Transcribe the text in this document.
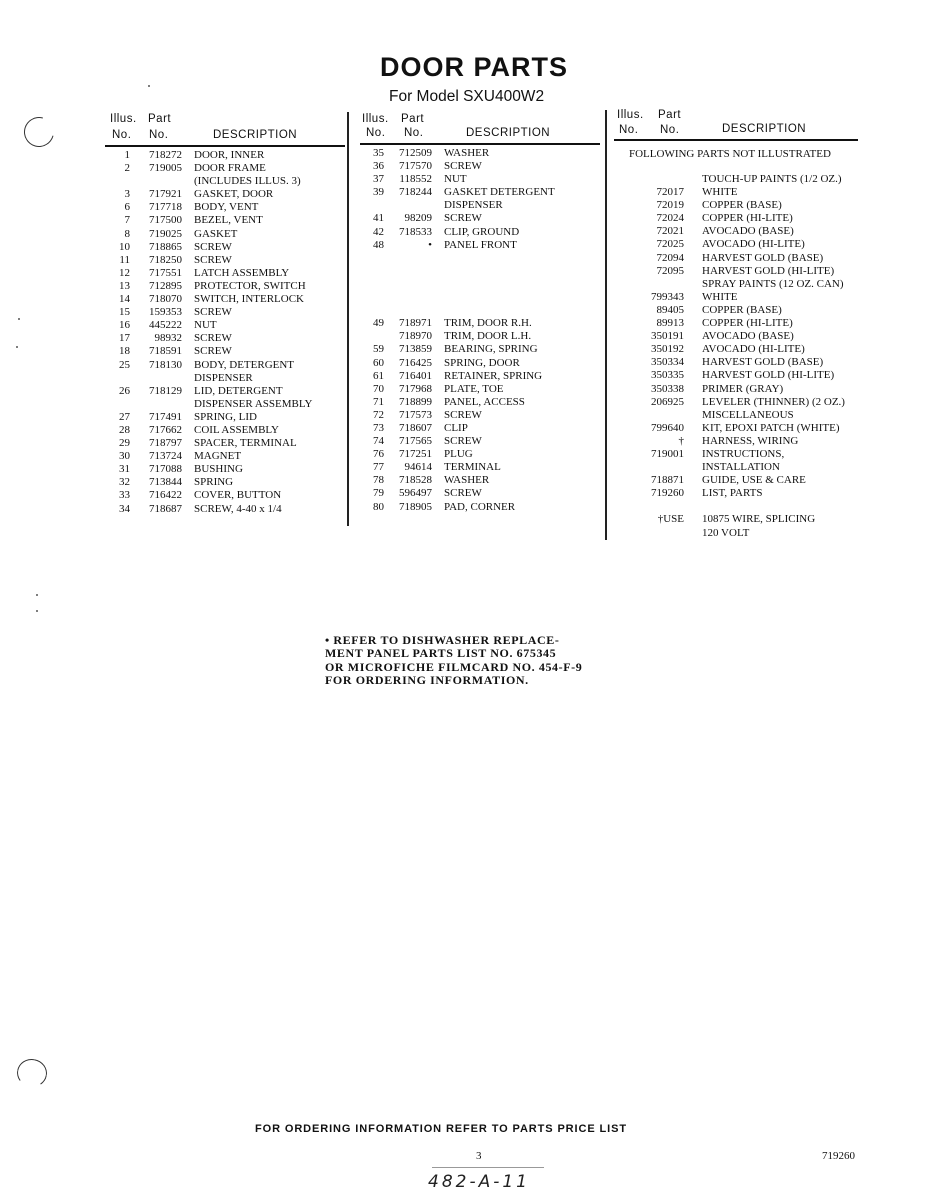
DOOR PARTS
For Model SXU400W2
Illus. Part
No. No.	DESCRIPTION
1	718272 DOOR, INNER
2	719005 DOOR FRAME
(INCLUDES ILLUS. 3)
3	717921 GASKET, DOOR
6	717718 BODY, VENT
7	717500 BEZEL, VENT
8	719025 GASKET
10	718865 SCREW
11	718250 SCREW
12	717551 LATCH ASSEMBLY
13	712895 PROTECTOR, SWITCH
14	718070 SWITCH, INTERLOCK
15	159353 SCREW
16	445222 NUT
17	98932 SCREW
18	718591 SCREW
25	718130 BODY, DETERGENT
DISPENSER
26	718129 LID, DETERGENT
DISPENSER ASSEMBLY
27	717491 SPRING, LID
28	717662 COIL ASSEMBLY
29	718797 SPACER, TERMINAL
30	713724 MAGNET
31	717088 BUSHING
32	713844 SPRING
33	716422 COVER, BUTTON
34	718687 SCREW, 4-40 x 1/4
Illus. Part
No. No.	DESCRIPTION
35	712509 WASHER
36	717570 SCREW
37	118552 NUT
39	718244 GASKET DETERGENT
DISPENSER
41	98209 SCREW
42	718533 CLIP, GROUND
48	• PANEL FRONT
49	718971 TRIM, DOOR R.H.
718970 TRIM, DOOR L.H.
59	713859 BEARING, SPRING
60	716425 SPRING, DOOR
61	716401 RETAINER, SPRING
70	717968 PLATE, TOE
71	718899 PANEL, ACCESS
72	717573 SCREW
73	718607 CLIP
74	717565 SCREW
76	717251 PLUG
77	94614 TERMINAL
78	718528 WASHER
79	596497 SCREW
80	718905 PAD, CORNER
Illus. Part
No. No.	DESCRIPTION
FOLLOWING PARTS NOT ILLUSTRATED
TOUCH-UP PAINTS (1/2 OZ.)
72017 WHITE
72019 COPPER (BASE)
72024 COPPER (HI-LITE)
72021 AVOCADO (BASE)
72025 AVOCADO (HI-LITE)
72094 HARVEST GOLD (BASE)
72095 HARVEST GOLD (HI-LITE)
SPRAY PAINTS (12 OZ. CAN)
799343 WHITE
89405 COPPER (BASE)
89913 COPPER (HI-LITE)
350191 AVOCADO (BASE)
350192 AVOCADO (HI-LITE)
350334 HARVEST GOLD (BASE)
350335 HARVEST GOLD (HI-LITE)
350338 PRIMER (GRAY)
206925 LEVELER (THINNER) (2 OZ.)
MISCELLANEOUS
799640 KIT, EPOXI PATCH (WHITE)
† HARNESS, WIRING
719001 INSTRUCTIONS,
INSTALLATION
718871 GUIDE, USE & CARE
719260 LIST, PARTS
†USE 10875 WIRE, SPLICING
120 VOLT
• REFER TO DISHWASHER REPLACE-
MENT PANEL PARTS LIST NO. 675345
OR MICROFICHE FILMCARD NO. 454-F-9
FOR ORDERING INFORMATION.
FOR ORDERING INFORMATION REFER TO PARTS PRICE LIST
3	719260
482-A-11
